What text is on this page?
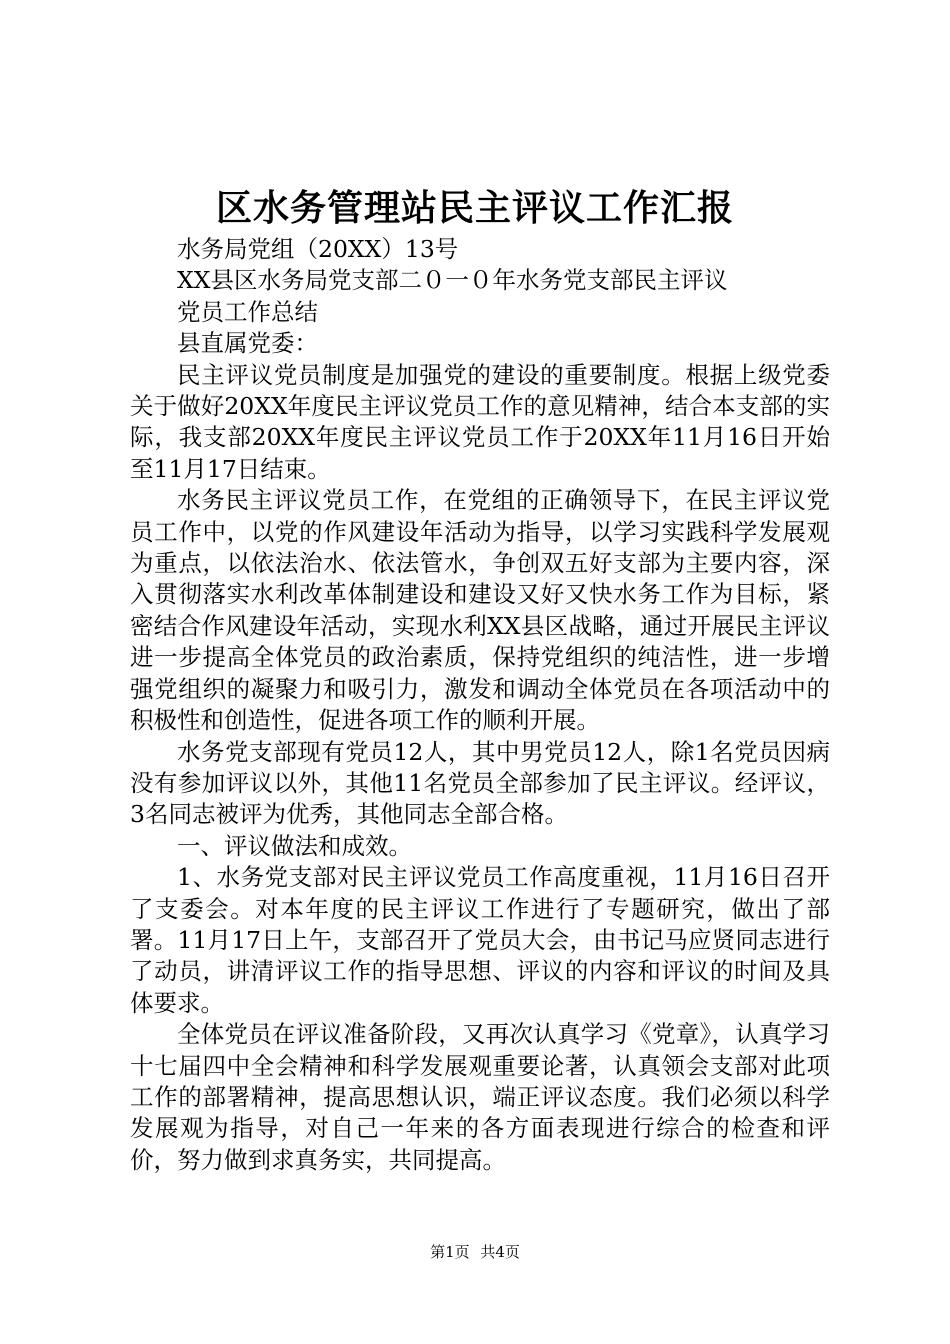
区水务管理站民主评议工作汇报

水务局党组（20XX）13号

XX县区水务局党支部二０一０年水务党支部民主评议

党员工作总结

县直属党委：

民主评议党员制度是加强党的建设的重要制度。根据上级党委关于做好20XX年度民主评议党员工作的意见精神，结合本支部的实际，我支部20XX年度民主评议党员工作于20XX年11月16日开始至11月17日结束。

水务民主评议党员工作，在党组的正确领导下，在民主评议党员工作中，以党的作风建设年活动为指导，以学习实践科学发展观为重点，以依法治水、依法管水，争创双五好支部为主要内容，深入贯彻落实水利改革体制建设和建设又好又快水务工作为目标，紧密结合作风建设年活动，实现水利XX县区战略，通过开展民主评议进一步提高全体党员的政治素质，保持党组织的纯洁性，进一步增强党组织的凝聚力和吸引力，激发和调动全体党员在各项活动中的积极性和创造性，促进各项工作的顺利开展。

水务党支部现有党员12人，其中男党员12人，除1名党员因病没有参加评议以外，其他11名党员全部参加了民主评议。经评议，3名同志被评为优秀，其他同志全部合格。

一、评议做法和成效。

1、水务党支部对民主评议党员工作高度重视，11月16日召开了支委会。对本年度的民主评议工作进行了专题研究，做出了部署。11月17日上午，支部召开了党员大会，由书记马应贤同志进行了动员，讲清评议工作的指导思想、评议的内容和评议的时间及具体要求。

全体党员在评议准备阶段，又再次认真学习《党章》，认真学习十七届四中全会精神和科学发展观重要论著，认真领会支部对此项工作的部署精神，提高思想认识，端正评议态度。我们必须以科学发展观为指导，对自己一年来的各方面表现进行综合的检查和评价，努力做到求真务实，共同提高。

第1页 共4页
